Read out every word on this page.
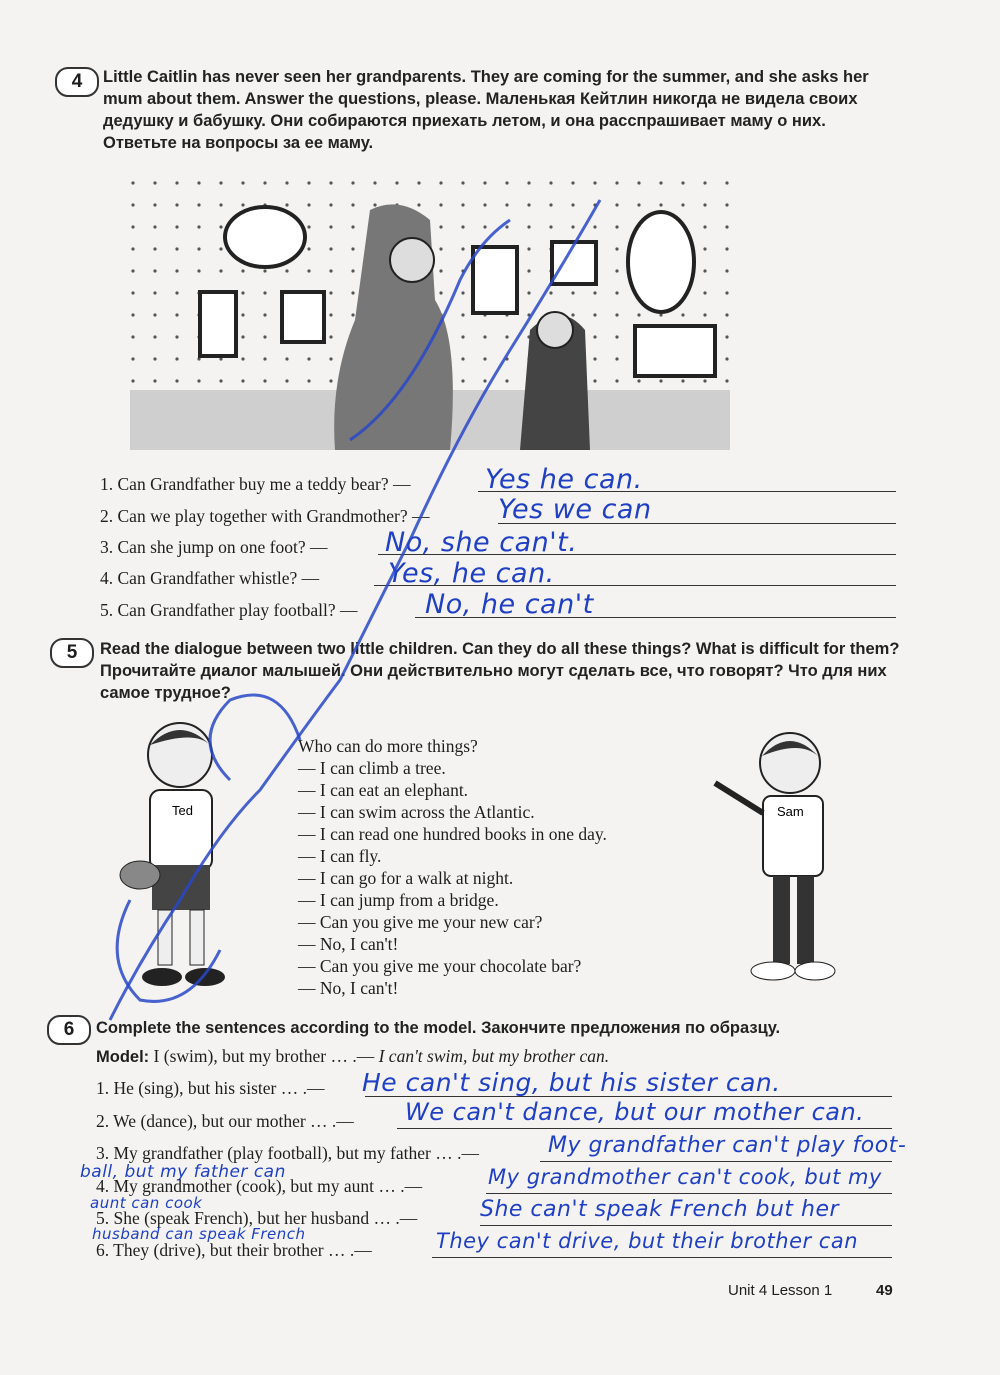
4	Little Caitlin has never seen her grandparents. They are coming for the summer, and she asks her mum about them. Answer the questions, please. Маленькая Кейтлин никогда не видела своих дедушку и бабушку. Они собираются приехать летом, и она расспрашивает маму о них. Ответьте на вопросы за ее маму.
1. Can Grandfather buy me a teddy bear? —	Yes he can.
2. Can we play together with Grandmother? —	Yes we can
3. Can she jump on one foot? — No, she can't.
4. Can Grandfather whistle? —	Yes, he can.
5. Can Grandfather play football? — No, he can't
5	Read the dialogue between two little children. Can they do all these things? What is difficult for them? Прочитайте диалог малышей. Они действительно могут сделать все, что говорят? Что для них самое трудное?
Ted
Who can do more things?
— I can climb a tree.
— I can eat an elephant.
— I can swim across the Atlantic.
— I can read one hundred books in one day.
— I can fly.
— I can go for a walk at night.
— I can jump from a bridge.
— Can you give me your new car?
— No, I can't!
— Can you give me your chocolate bar?
— No, I can't!
Sam
6	Complete the sentences according to the model. Закончите предложения по образцу.
Model: I (swim), but my brother … .— I can't swim, but my brother can.
1. He (sing), but his sister … .— He can't sing, but his sister can.
2. We (dance), but our mother … .— We can't dance, but our mother can.
3. My grandfather (play football), but my father … .—	My grandfather can't play foot-
ball, but my father can
4. My grandmother (cook), but my aunt … .—	My grandmother can't cook, but my
aunt can cook
5. She (speak French), but her husband … .—	She can't speak French but her
husband can speak French
6. They (drive), but their brother … .—	They can't drive, but their brother can
Unit 4 Lesson 1	49
